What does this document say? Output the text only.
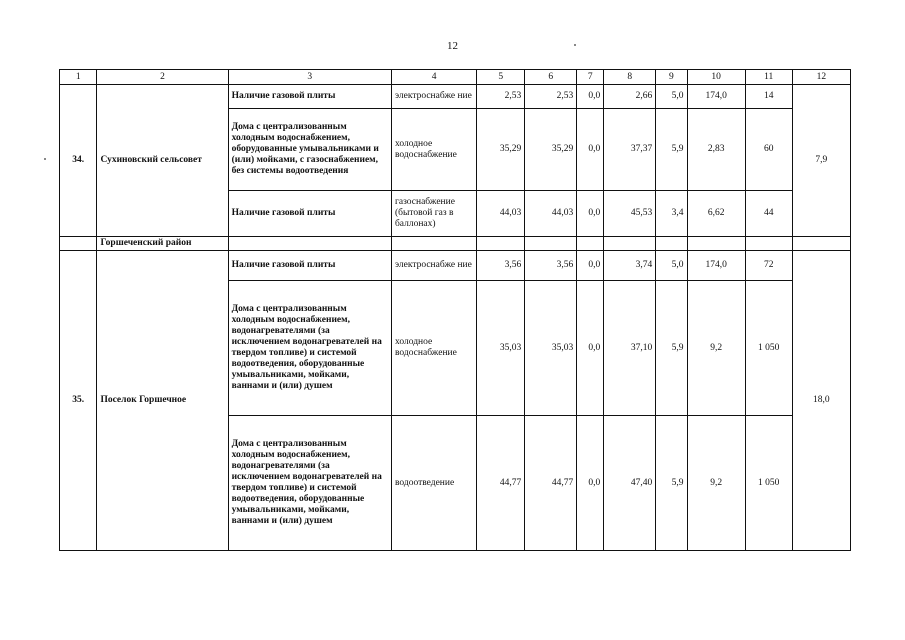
12
1	2	3	4	5	6	7	8	9	10	11	12
34.	Сухиновский сельсовет	Наличие газовой плиты	электроснабже ние	2,53	2,53	0,0	2,66	5,0	174,0	14	7,9
		Дома с централизованным холодным водоснабжением, оборудованные умывальниками и (или) мойками, с газоснабжением, без системы водоотведения	холодное водоснабжение	35,29	35,29	0,0	37,37	5,9	2,83	60	
		Наличие газовой плиты	газоснабжение (бытовой газ в баллонах)	44,03	44,03	0,0	45,53	3,4	6,62	44	
	Горшеченский район										
35.	Поселок Горшечное	Наличие газовой плиты	электроснабже ние	3,56	3,56	0,0	3,74	5,0	174,0	72	18,0
		Дома с централизованным холодным водоснабжением, водонагревателями (за исключением водонагревателей на твердом топливе) и системой водоотведения, оборудованные умывальниками, мойками, ваннами и (или) душем	холодное водоснабжение	35,03	35,03	0,0	37,10	5,9	9,2	1 050	
		Дома с централизованным холодным водоснабжением, водонагревателями (за исключением водонагревателей на твердом топливе) и системой водоотведения, оборудованные умывальниками, мойками, ваннами и (или) душем	водоотведение	44,77	44,77	0,0	47,40	5,9	9,2	1 050	
